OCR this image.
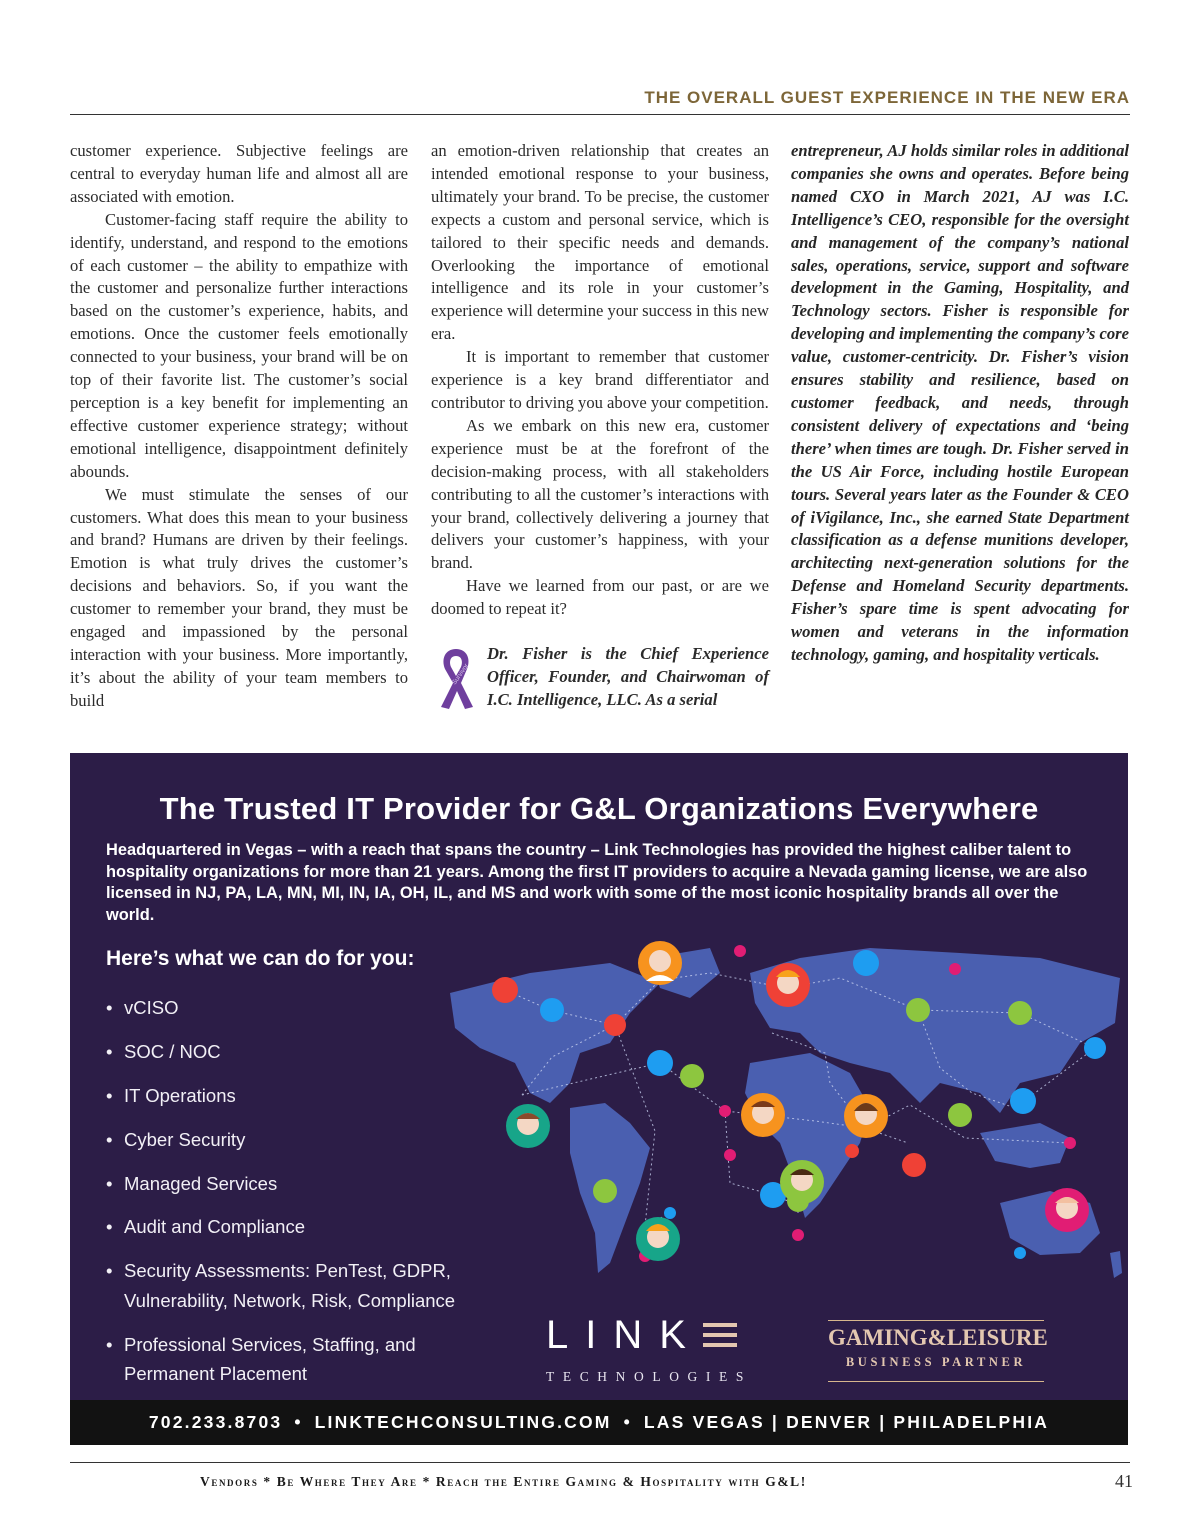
THE OVERALL GUEST EXPERIENCE IN THE NEW ERA

customer experience. Subjective feelings are central to everyday human life and almost all are associated with emotion.

Customer-facing staff require the ability to identify, understand, and respond to the emotions of each customer – the ability to empathize with the customer and personalize further interactions based on the customer’s experience, habits, and emotions. Once the customer feels emotionally connected to your business, your brand will be on top of their favorite list. The customer’s social perception is a key benefit for implementing an effective customer experience strategy; without emotional intelligence, disappointment definitely abounds.

We must stimulate the senses of our customers. What does this mean to your business and brand? Humans are driven by their feelings. Emotion is what truly drives the customer’s decisions and behaviors. So, if you want the customer to remember your brand, they must be engaged and impassioned by the personal interaction with your business. More importantly, it’s about the ability of your team members to build

an emotion-driven relationship that creates an intended emotional response to your business, ultimately your brand. To be precise, the customer expects a custom and personal service, which is tailored to their specific needs and demands. Overlooking the importance of emotional intelligence and its role in your customer’s experience will determine your success in this new era.

It is important to remember that customer experience is a key brand differentiator and contributor to driving you above your competition.

As we embark on this new era, customer experience must be at the forefront of the decision-making process, with all stakeholders contributing to all the customer’s interactions with your brand, collectively delivering a journey that delivers your customer’s happiness, with your brand.

Have we learned from our past, or are we doomed to repeat it?

Survivor
Dr. Fisher is the Chief Experience Officer, Founder, and Chairwoman of I.C. Intelligence, LLC. As a serial

entrepreneur, AJ holds similar roles in additional companies she owns and operates. Before being named CXO in March 2021, AJ was I.C. Intelligence’s CEO, responsible for the oversight and management of the company’s national sales, operations, service, support and software development in the Gaming, Hospitality, and Technology sectors. Fisher is responsible for developing and implementing the company’s core value, customer-centricity. Dr. Fisher’s vision ensures stability and resilience, based on customer feedback, and needs, through consistent delivery of expectations and ‘being there’ when times are tough. Dr. Fisher served in the US Air Force, including hostile European tours. Several years later as the Founder & CEO of iVigilance, Inc., she earned State Department classification as a defense munitions developer, architecting next-generation solutions for the Defense and Homeland Security departments. Fisher’s spare time is spent advocating for women and veterans in the information technology, gaming, and hospitality verticals.

The Trusted IT Provider for G&L Organizations Everywhere
Headquartered in Vegas – with a reach that spans the country – Link Technologies has provided the highest caliber talent to hospitality organizations for more than 21 years. Among the first IT providers to acquire a Nevada gaming license, we are also licensed in NJ, PA, LA, MN, MI, IN, IA, OH, IL, and MS and work with some of the most iconic hospitality brands all over the world.
Here’s what we can do for you:
• vCISO
• SOC / NOC
• IT Operations
• Cyber Security
• Managed Services
• Audit and Compliance
• Security Assessments: PenTest, GDPR,
Vulnerability, Network, Risk, Compliance
• Professional Services, Staffing, and
Permanent Placement
LINK
TECHNOLOGIES
GAMING&LEISURE
BUSINESS PARTNER
702.233.8703 • LINKTECHCONSULTING.COM • LAS VEGAS | DENVER | PHILADELPHIA
Vendors * Be Where They Are * Reach the Entire Gaming & Hospitality with G&L!	41
